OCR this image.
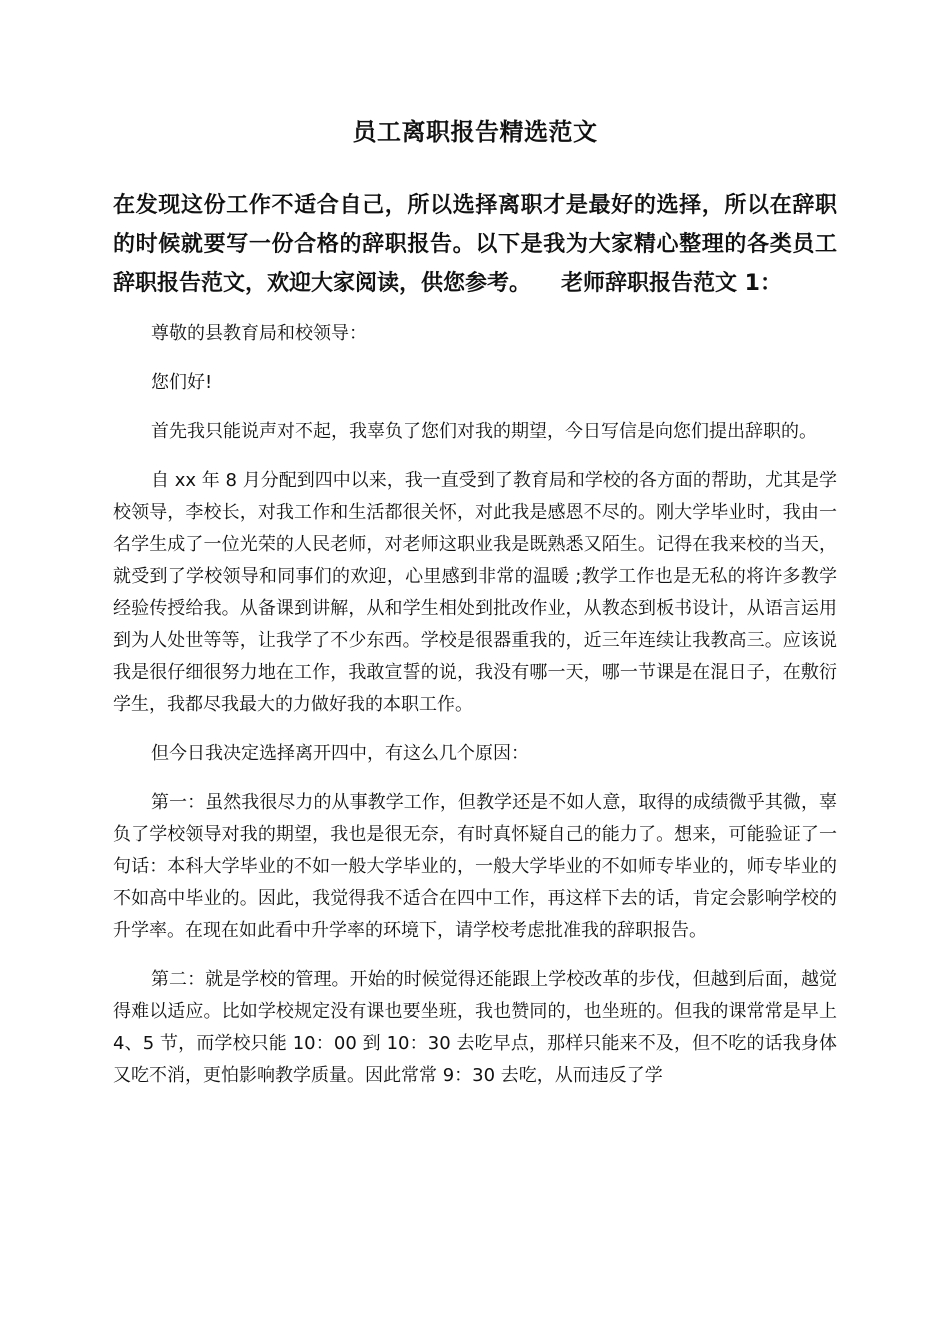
员工离职报告精选范文
在发现这份工作不适合自己，所以选择离职才是最好的选择，所以在辞职的时候就要写一份合格的辞职报告。以下是我为大家精心整理的各类员工辞职报告范文，欢迎大家阅读，供您参考。 老师辞职报告范文 1：

尊敬的县教育局和校领导：

您们好!

首先我只能说声对不起，我辜负了您们对我的期望，今日写信是向您们提出辞职的。

自 xx 年 8 月分配到四中以来，我一直受到了教育局和学校的各方面的帮助，尤其是学校领导，李校长，对我工作和生活都很关怀，对此我是感恩不尽的。刚大学毕业时，我由一名学生成了一位光荣的人民老师，对老师这职业我是既熟悉又陌生。记得在我来校的当天，就受到了学校领导和同事们的欢迎，心里感到非常的温暖 ;教学工作也是无私的将许多教学经验传授给我。从备课到讲解，从和学生相处到批改作业，从教态到板书设计，从语言运用到为人处世等等，让我学了不少东西。学校是很器重我的，近三年连续让我教高三。应该说我是很仔细很努力地在工作，我敢宣誓的说，我没有哪一天，哪一节课是在混日子，在敷衍学生，我都尽我最大的力做好我的本职工作。

但今日我决定选择离开四中，有这么几个原因：

第一：虽然我很尽力的从事教学工作，但教学还是不如人意，取得的成绩微乎其微，辜负了学校领导对我的期望，我也是很无奈，有时真怀疑自己的能力了。想来，可能验证了一句话：本科大学毕业的不如一般大学毕业的，一般大学毕业的不如师专毕业的，师专毕业的不如高中毕业的。因此，我觉得我不适合在四中工作，再这样下去的话，肯定会影响学校的升学率。在现在如此看中升学率的环境下，请学校考虑批准我的辞职报告。

第二：就是学校的管理。开始的时候觉得还能跟上学校改革的步伐，但越到后面，越觉得难以适应。比如学校规定没有课也要坐班，我也赞同的，也坐班的。但我的课常常是早上 4、5 节，而学校只能 10：00 到 10：30 去吃早点，那样只能来不及，但不吃的话我身体又吃不消，更怕影响教学质量。因此常常 9：30 去吃，从而违反了学
